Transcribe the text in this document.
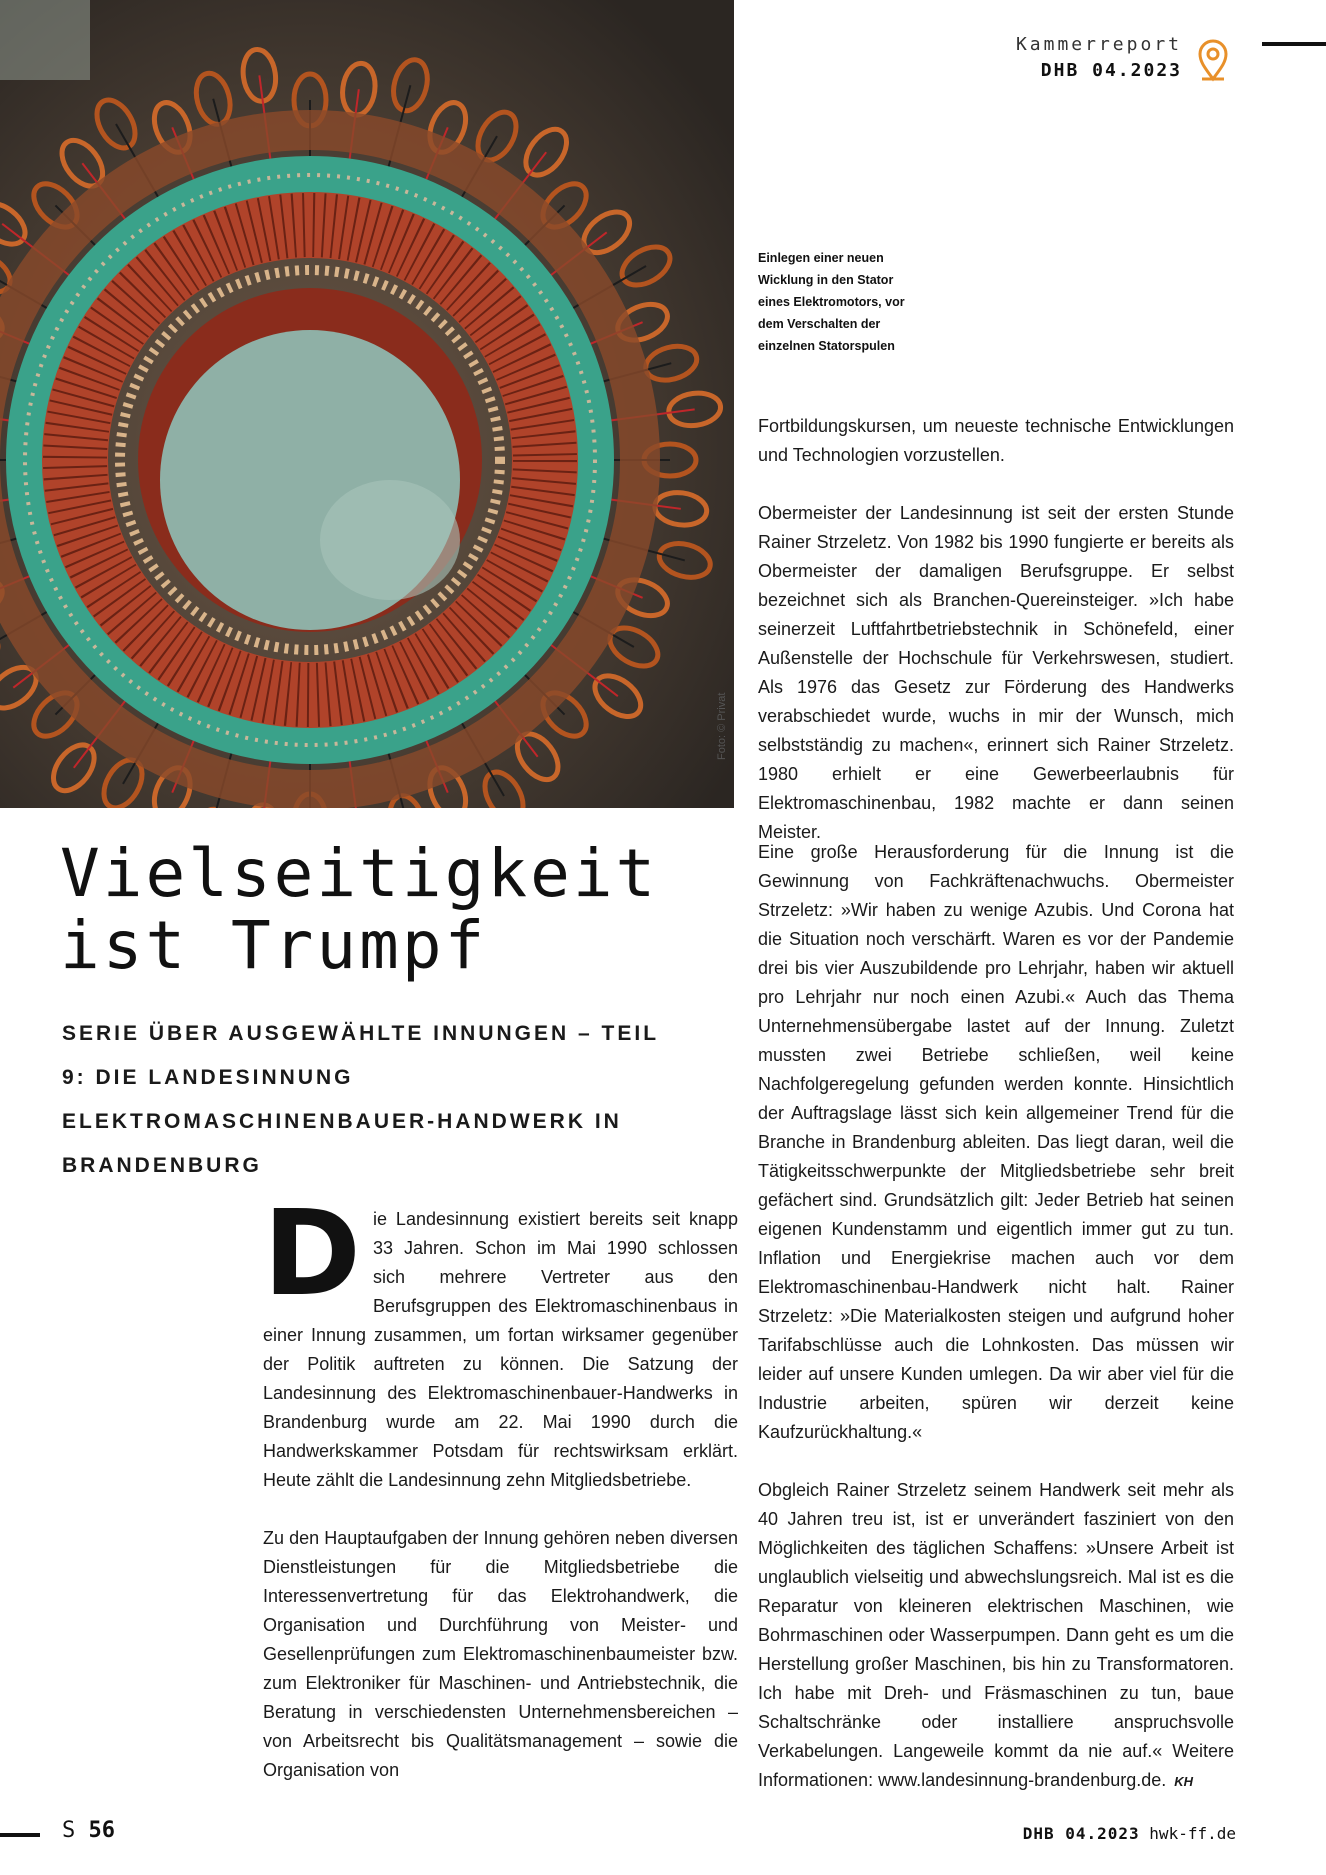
Foto: © Privat
Kammerreport
DHB 04.2023
Einlegen einer neuen Wicklung in den Stator eines Elektromotors, vor dem Verschalten der einzelnen Statorspulen
Vielseitigkeit
ist Trumpf
SERIE ÜBER AUSGEWÄHLTE INNUNGEN – TEIL 9: DIE LANDESINNUNG ELEKTROMASCHINENBAUER-HANDWERK IN BRANDENBURG

Die Landesinnung existiert bereits seit knapp 33 Jahren. Schon im Mai 1990 schlossen sich mehrere Vertreter aus den Berufsgruppen des Elektromaschinenbaus in einer Innung zusammen, um fortan wirksamer gegenüber der Politik auftreten zu können. Die Satzung der Landesinnung des Elektromaschinenbauer-Handwerks in Brandenburg wurde am 22. Mai 1990 durch die Handwerkskammer Potsdam für rechtswirksam erklärt. Heute zählt die Landesinnung zehn Mitgliedsbetriebe.

Zu den Hauptaufgaben der Innung gehören neben diversen Dienstleistungen für die Mitgliedsbetriebe die Interessenvertretung für das Elektrohandwerk, die Organisation und Durchführung von Meister- und Gesellenprüfungen zum Elektromaschinenbaumeister bzw. zum Elektroniker für Maschinen- und Antriebstechnik, die Beratung in verschiedensten Unternehmensbereichen – von Arbeitsrecht bis Qualitätsmanagement – sowie die Organisation von

Fortbildungskursen, um neueste technische Entwicklungen und Technologien vorzustellen.

Obermeister der Landesinnung ist seit der ersten Stunde Rainer Strzeletz. Von 1982 bis 1990 fungierte er bereits als Obermeister der damaligen Berufsgruppe. Er selbst bezeichnet sich als Branchen-Quereinsteiger. »Ich habe seinerzeit Luftfahrtbetriebstechnik in Schönefeld, einer Außenstelle der Hochschule für Verkehrswesen, studiert. Als 1976 das Gesetz zur Förderung des Handwerks verabschiedet wurde, wuchs in mir der Wunsch, mich selbstständig zu machen«, erinnert sich Rainer Strzeletz. 1980 erhielt er eine Gewerbeerlaubnis für Elektromaschinenbau, 1982 machte er dann seinen Meister.

Eine große Herausforderung für die Innung ist die Gewinnung von Fachkräftenachwuchs. Obermeister Strzeletz: »Wir haben zu wenige Azubis. Und Corona hat die Situation noch verschärft. Waren es vor der Pandemie drei bis vier Auszubildende pro Lehrjahr, haben wir aktuell pro Lehrjahr nur noch einen Azubi.« Auch das Thema Unternehmensübergabe lastet auf der Innung. Zuletzt mussten zwei Betriebe schließen, weil keine Nachfolgeregelung gefunden werden konnte. Hinsichtlich der Auftragslage lässt sich kein allgemeiner Trend für die Branche in Brandenburg ableiten. Das liegt daran, weil die Tätigkeitsschwerpunkte der Mitgliedsbetriebe sehr breit gefächert sind. Grundsätzlich gilt: Jeder Betrieb hat seinen eigenen Kundenstamm und eigentlich immer gut zu tun. Inflation und Energiekrise machen auch vor dem Elektromaschinenbau-Handwerk nicht halt. Rainer Strzeletz: »Die Materialkosten steigen und aufgrund hoher Tarifabschlüsse auch die Lohnkosten. Das müssen wir leider auf unsere Kunden umlegen. Da wir aber viel für die Industrie arbeiten, spüren wir derzeit keine Kaufzurückhaltung.«

Obgleich Rainer Strzeletz seinem Handwerk seit mehr als 40 Jahren treu ist, ist er unverändert fasziniert von den Möglichkeiten des täglichen Schaffens: »Unsere Arbeit ist unglaublich vielseitig und abwechslungsreich. Mal ist es die Reparatur von kleineren elektrischen Maschinen, wie Bohrmaschinen oder Wasserpumpen. Dann geht es um die Herstellung großer Maschinen, bis hin zu Transformatoren. Ich habe mit Dreh- und Fräsmaschinen zu tun, baue Schaltschränke oder installiere anspruchsvolle Verkabelungen. Langeweile kommt da nie auf.« Weitere Informationen: www.landesinnung-brandenburg.de. KH

S 56	DHB 04.2023 hwk-ff.de
